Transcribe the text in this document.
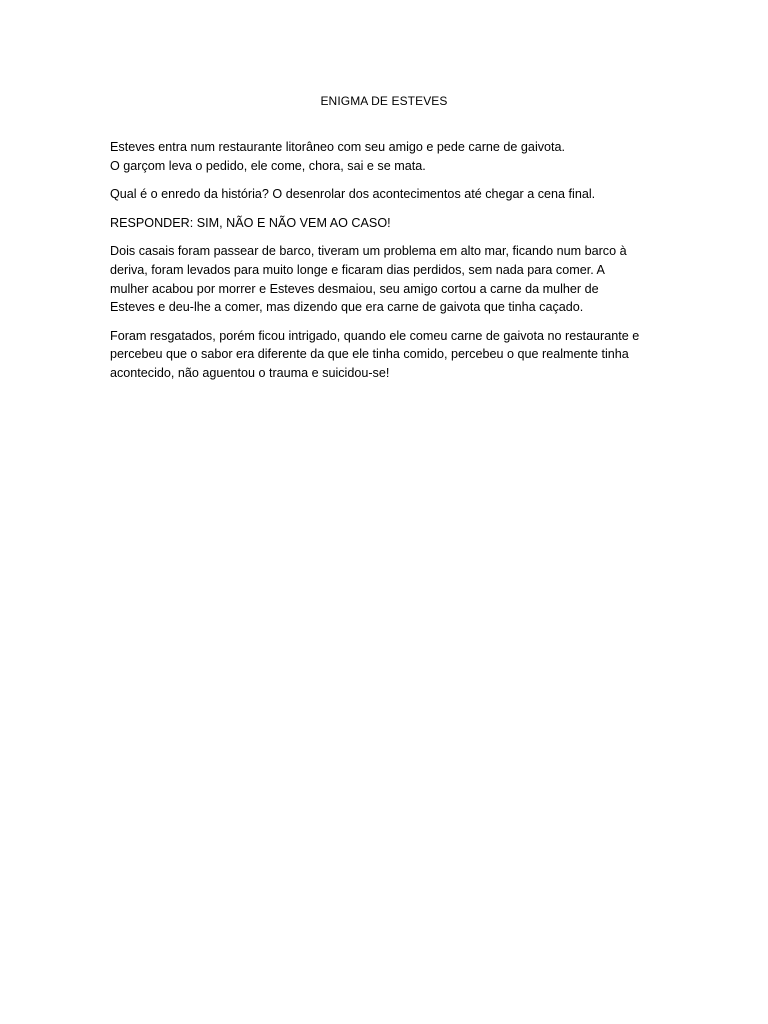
ENIGMA DE ESTEVES

Esteves entra num restaurante litorâneo com seu amigo e pede carne de gaivota.
O garçom leva o pedido, ele come, chora, sai e se mata.

Qual é o enredo da história? O desenrolar dos acontecimentos até chegar a cena final.

RESPONDER: SIM, NÃO E NÃO VEM AO CASO!

Dois casais foram passear de barco, tiveram um problema em alto mar, ficando num barco à
deriva, foram levados para muito longe e ficaram dias perdidos, sem nada para comer. A
mulher acabou por morrer e Esteves desmaiou, seu amigo cortou a carne da mulher de
Esteves e deu-lhe a comer, mas dizendo que era carne de gaivota que tinha caçado.

Foram resgatados, porém ficou intrigado, quando ele comeu carne de gaivota no restaurante e
percebeu que o sabor era diferente da que ele tinha comido, percebeu o que realmente tinha
acontecido, não aguentou o trauma e suicidou-se!
